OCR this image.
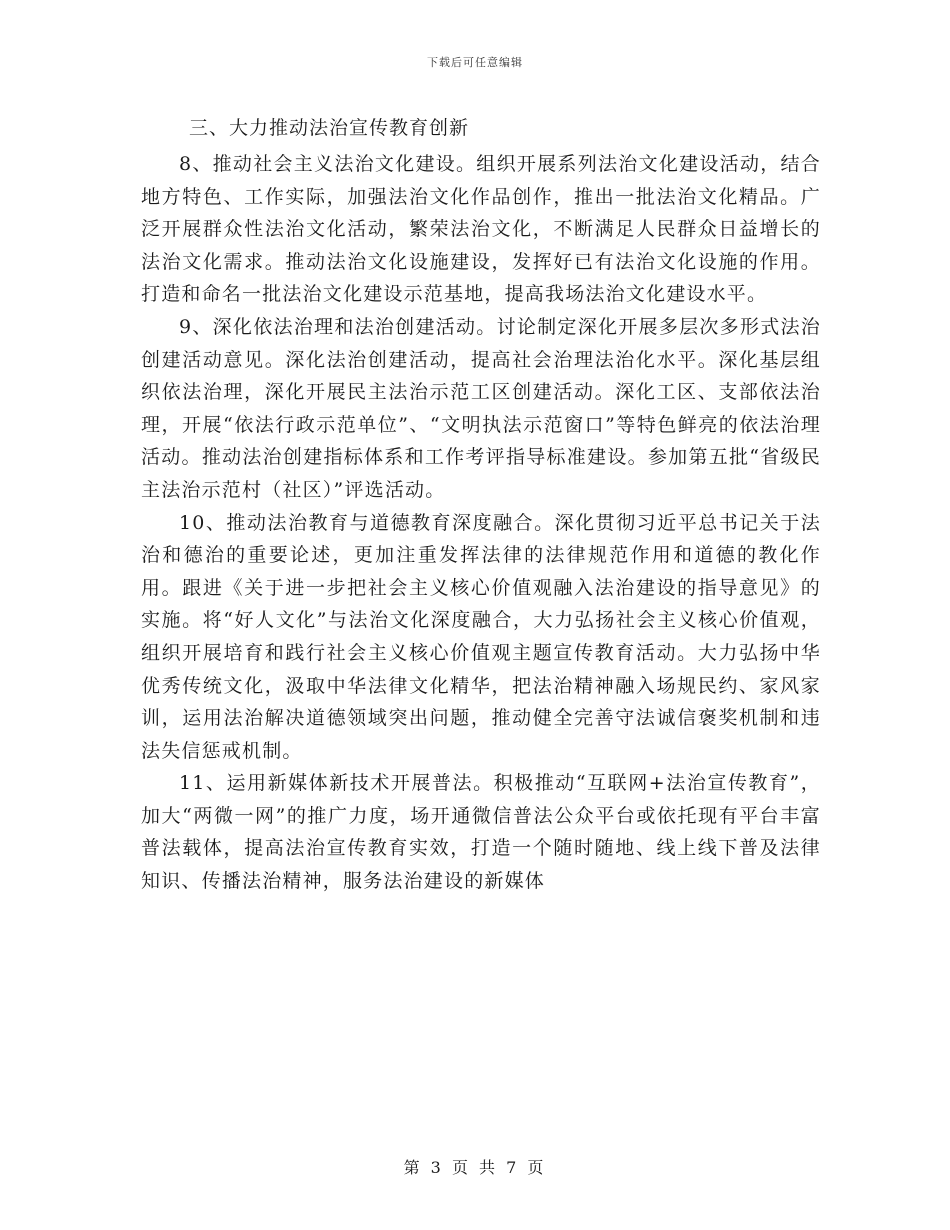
下载后可任意编辑

三、大力推动法治宣传教育创新

8、推动社会主义法治文化建设。组织开展系列法治文化建设活动，结合地方特色、工作实际，加强法治文化作品创作，推出一批法治文化精品。广泛开展群众性法治文化活动，繁荣法治文化，不断满足人民群众日益增长的法治文化需求。推动法治文化设施建设，发挥好已有法治文化设施的作用。打造和命名一批法治文化建设示范基地，提高我场法治文化建设水平。

9、深化依法治理和法治创建活动。讨论制定深化开展多层次多形式法治创建活动意见。深化法治创建活动，提高社会治理法治化水平。深化基层组织依法治理，深化开展民主法治示范工区创建活动。深化工区、支部依法治理，开展“依法行政示范单位”、“文明执法示范窗口”等特色鲜亮的依法治理活动。推动法治创建指标体系和工作考评指导标准建设。参加第五批“省级民主法治示范村（社区）”评选活动。

10、推动法治教育与道德教育深度融合。深化贯彻习近平总书记关于法治和德治的重要论述，更加注重发挥法律的法律规范作用和道德的教化作用。跟进《关于进一步把社会主义核心价值观融入法治建设的指导意见》的实施。将“好人文化”与法治文化深度融合，大力弘扬社会主义核心价值观，组织开展培育和践行社会主义核心价值观主题宣传教育活动。大力弘扬中华优秀传统文化，汲取中华法律文化精华，把法治精神融入场规民约、家风家训，运用法治解决道德领域突出问题，推动健全完善守法诚信褒奖机制和违法失信惩戒机制。

11、运用新媒体新技术开展普法。积极推动“互联网+法治宣传教育”，加大“两微一网”的推广力度，场开通微信普法公众平台或依托现有平台丰富普法载体，提高法治宣传教育实效，打造一个随时随地、线上线下普及法律知识、传播法治精神，服务法治建设的新媒体

第 3 页 共 7 页
